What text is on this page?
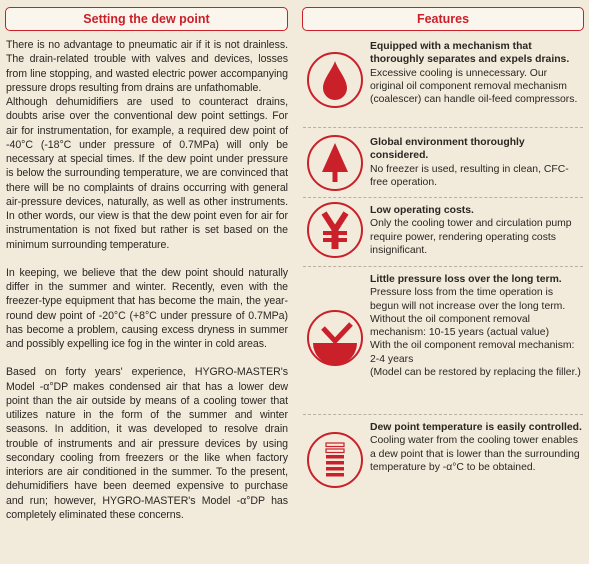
Setting the dew point	Features

There is no advantage to pneumatic air if it is not drainless. The drain-related trouble with valves and devices, losses from line stopping, and wasted electric power accompanying pressure drops resulting from drains are unfathomable.

Although dehumidifiers are used to counteract drains, doubts arise over the conventional dew point settings. For air for instrumentation, for example, a required dew point of -40°C (-18°C under pressure of 0.7MPa) will only be necessary at special times. If the dew point under pressure is below the surrounding temperature, we are convinced that there will be no complaints of drains occurring with general air-pressure devices, naturally, as well as other instruments. In other words, our view is that the dew point even for air for instrumentation is not fixed but rather is set based on the minimum surrounding temperature.

In keeping, we believe that the dew point should naturally differ in the summer and winter. Recently, even with the freezer-type equipment that has become the main, the year-round dew point of -20°C (+8°C under pressure of 0.7MPa) has become a problem, causing excess dryness in summer and possibly expelling ice fog in the winter in cold areas.

Based on forty years' experience, HYGRO-MASTER's Model -α°DP makes condensed air that has a lower dew point than the air outside by means of a cooling tower that utilizes nature in the form of the summer and winter seasons. In addition, it was developed to resolve drain trouble of instruments and air pressure devices by using secondary cooling from freezers or the like when factory interiors are air conditioned in the summer. To the present, dehumidifiers have been deemed expensive to purchase and run; however, HYGRO-MASTER's Model -α°DP has completely eliminated these concerns.

Equipped with a mechanism that thoroughly separates and expels drains.

Excessive cooling is unnecessary. Our original oil component removal mechanism (coalescer) can handle oil-feed compressors.

Global environment thoroughly considered.

No freezer is used, resulting in clean, CFC-free operation.

Low operating costs.

Only the cooling tower and circulation pump require power, rendering operating costs insignificant.

Little pressure loss over the long term.

Pressure loss from the time operation is begun will not increase over the long term.
Without the oil component removal mechanism: 10-15 years (actual value)
With the oil component removal mechanism: 2-4 years
(Model can be restored by replacing the filler.)

Dew point temperature is easily controlled.

Cooling water from the cooling tower enables a dew point that is lower than the surrounding temperature by -α°C to be obtained.
